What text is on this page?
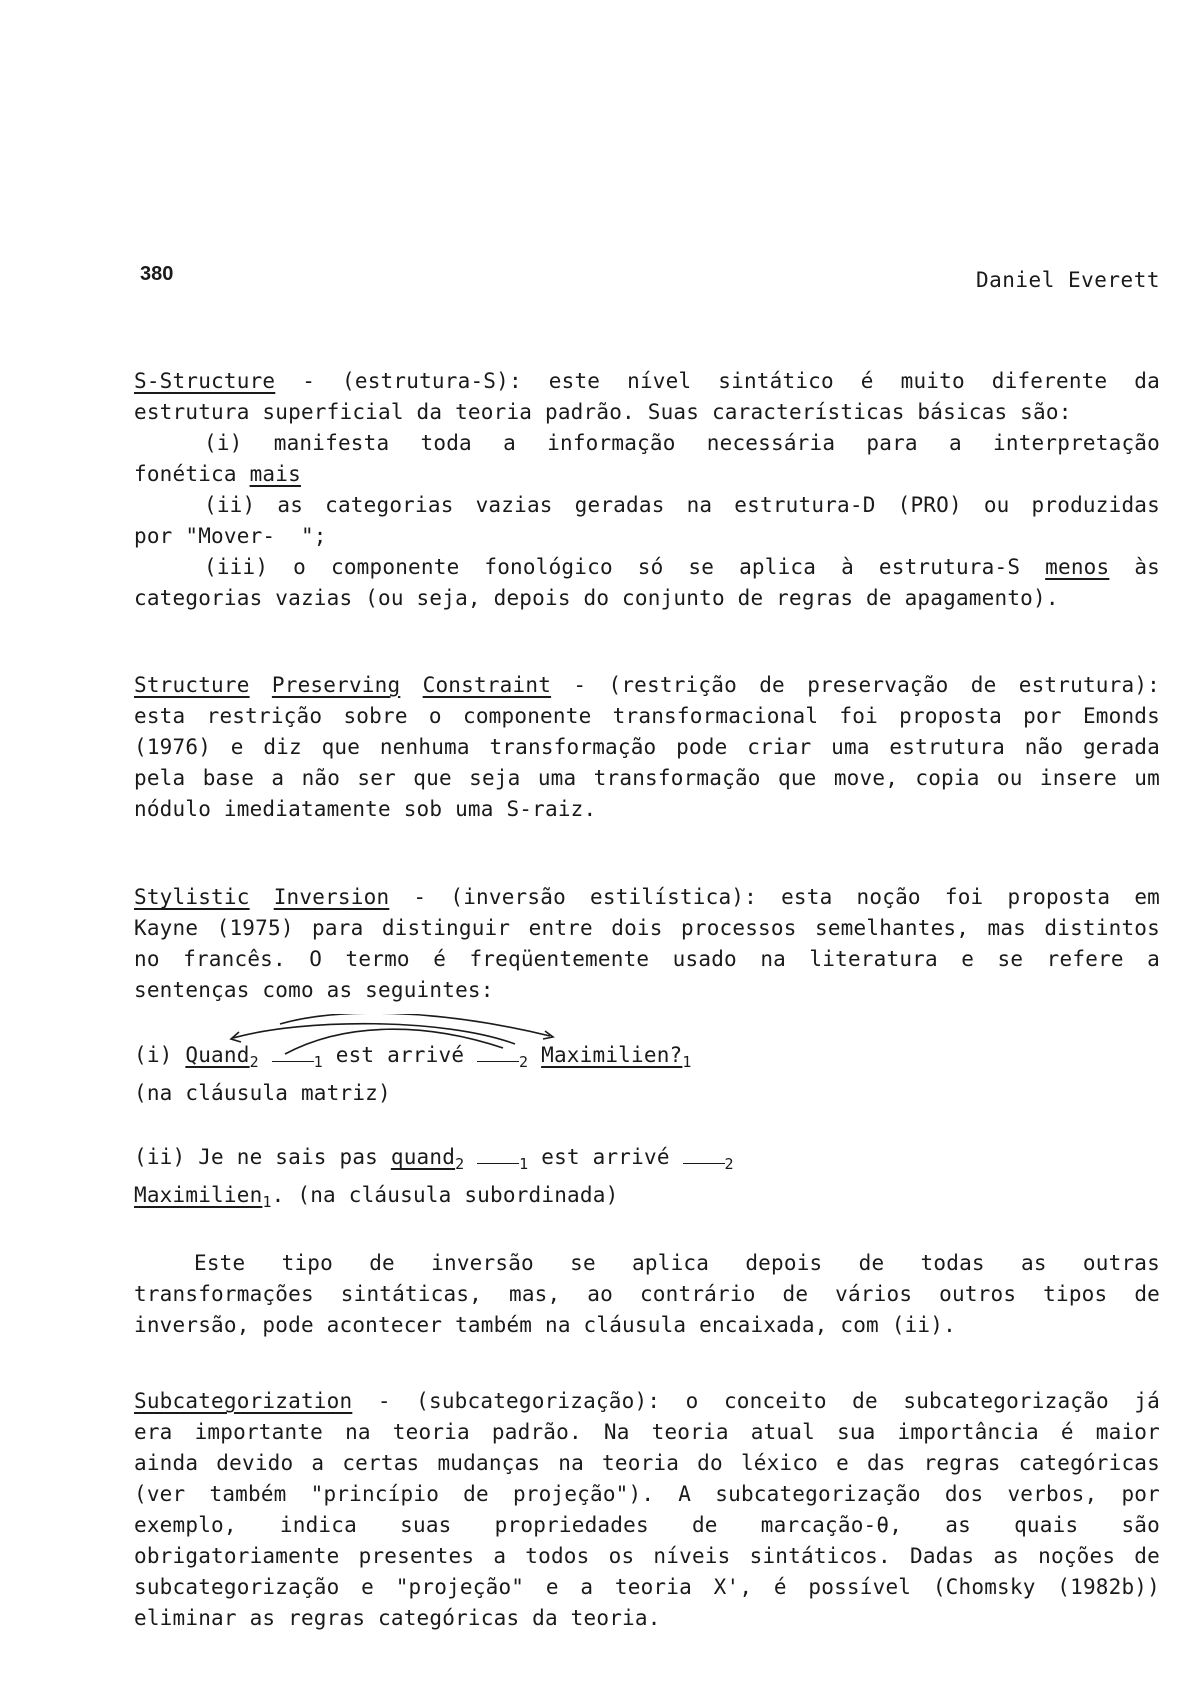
380	Daniel Everett
S-Structure - (estrutura-S): este nível sintático é muito diferente da
estrutura superficial da teoria padrão. Suas características básicas são:
(i) manifesta toda a informação necessária para a interpretação
fonética mais
(ii) as categorias vazias geradas na estrutura-D (PRO) ou produzidas
por "Mover-  ";
(iii) o componente fonológico só se aplica à estrutura-S menos às
categorias vazias (ou seja, depois do conjunto de regras de apagamento).
Structure Preserving Constraint - (restrição de preservação de estrutura):
esta restrição sobre o componente transformacional foi proposta por Emonds
(1976) e diz que nenhuma transformação pode criar uma estrutura não gerada
pela base a não ser que seja uma transformação que move, copia ou insere um
nódulo imediatamente sob uma S-raiz.
Stylistic Inversion - (inversão estilística): esta noção foi proposta em
Kayne (1975) para distinguir entre dois processos semelhantes, mas distintos
no francês. O termo é freqüentemente usado na literatura e se refere a
sentenças como as seguintes:
(i) Quand$_2$	$_1$ est arrivé	$_2$ $Maximilien?_1$
(na cláusula matriz)
(ii) Je ne sais pas quand$_2$	$_1$ est arrivé	$_2$
Maximilien$_1$. (na cláusula subordinada)
Este tipo de inversão se aplica depois de todas as outras
transformações sintáticas, mas, ao contrário de vários outros tipos de
inversão, pode acontecer também na cláusula encaixada, com (ii).
Subcategorization - (subcategorização): o conceito de subcategorização já
era importante na teoria padrão. Na teoria atual sua importância é maior
ainda devido a certas mudanças na teoria do léxico e das regras categóricas
(ver também "princípio de projeção"). A subcategorização dos verbos, por
exemplo, indica suas propriedades de marcação-θ, as quais são
obrigatoriamente presentes a todos os níveis sintáticos. Dadas as noções de
subcategorização e "projeção" e a teoria X', é possível (Chomsky (1982b))
eliminar as regras categóricas da teoria.
